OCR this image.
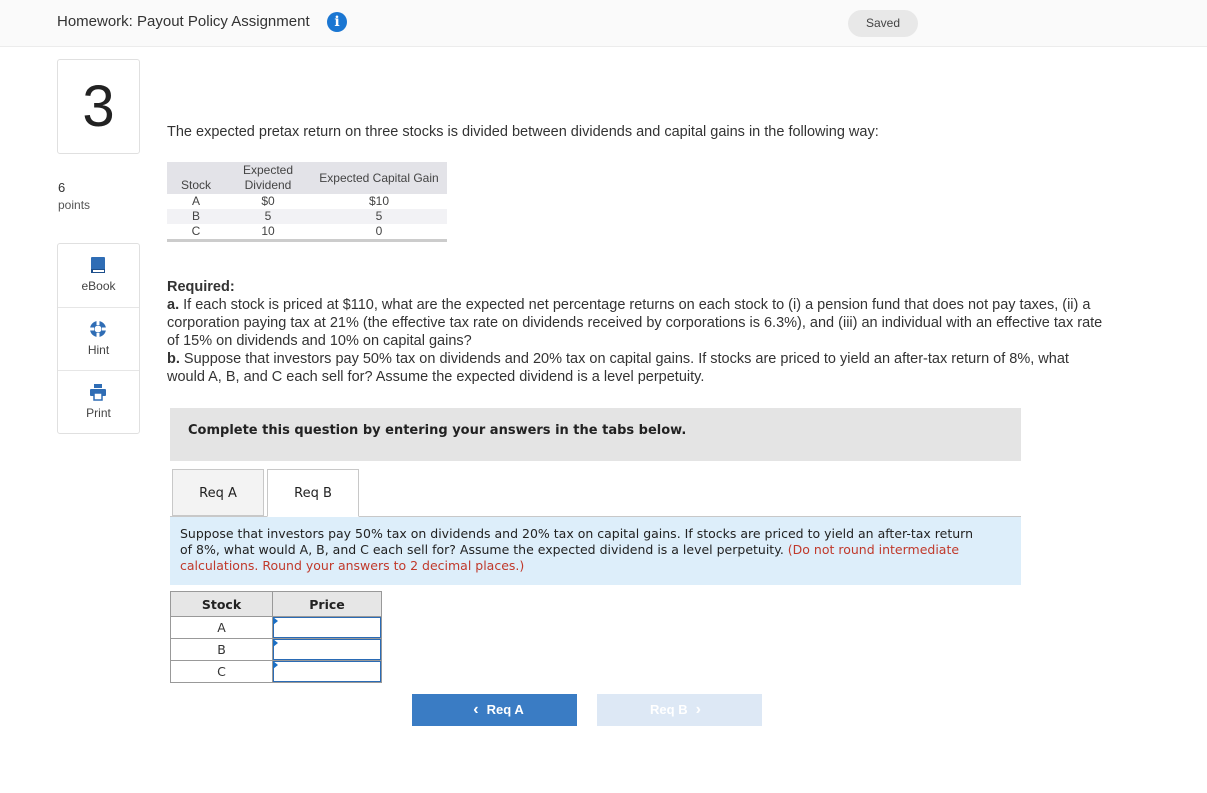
Homework: Payout Policy Assignment	i	Saved
3
6
points
eBook
Hint
Print
The expected pretax return on three stocks is divided between dividends and capital gains in the following way:
Stock	Expected Dividend	Expected Capital Gain
A	$0	$10
B	5	5
C	10	0
Required:
a. If each stock is priced at $110, what are the expected net percentage returns on each stock to (i) a pension fund that does not pay taxes, (ii) a corporation paying tax at 21% (the effective tax rate on dividends received by corporations is 6.3%), and (iii) an individual with an effective tax rate of 15% on dividends and 10% on capital gains?
b. Suppose that investors pay 50% tax on dividends and 20% tax on capital gains. If stocks are priced to yield an after-tax return of 8%, what would A, B, and C each sell for? Assume the expected dividend is a level perpetuity.
Complete this question by entering your answers in the tabs below.
Req A	Req B

Suppose that investors pay 50% tax on dividends and 20% tax on capital gains. If stocks are priced to yield an after-tax return of 8%, what would A, B, and C each sell for? Assume the expected dividend is a level perpetuity. (Do not round intermediate calculations. Round your answers to 2 decimal places.)

Stock	Price
A	

B	

C	
‹ Req A	Req B ›
